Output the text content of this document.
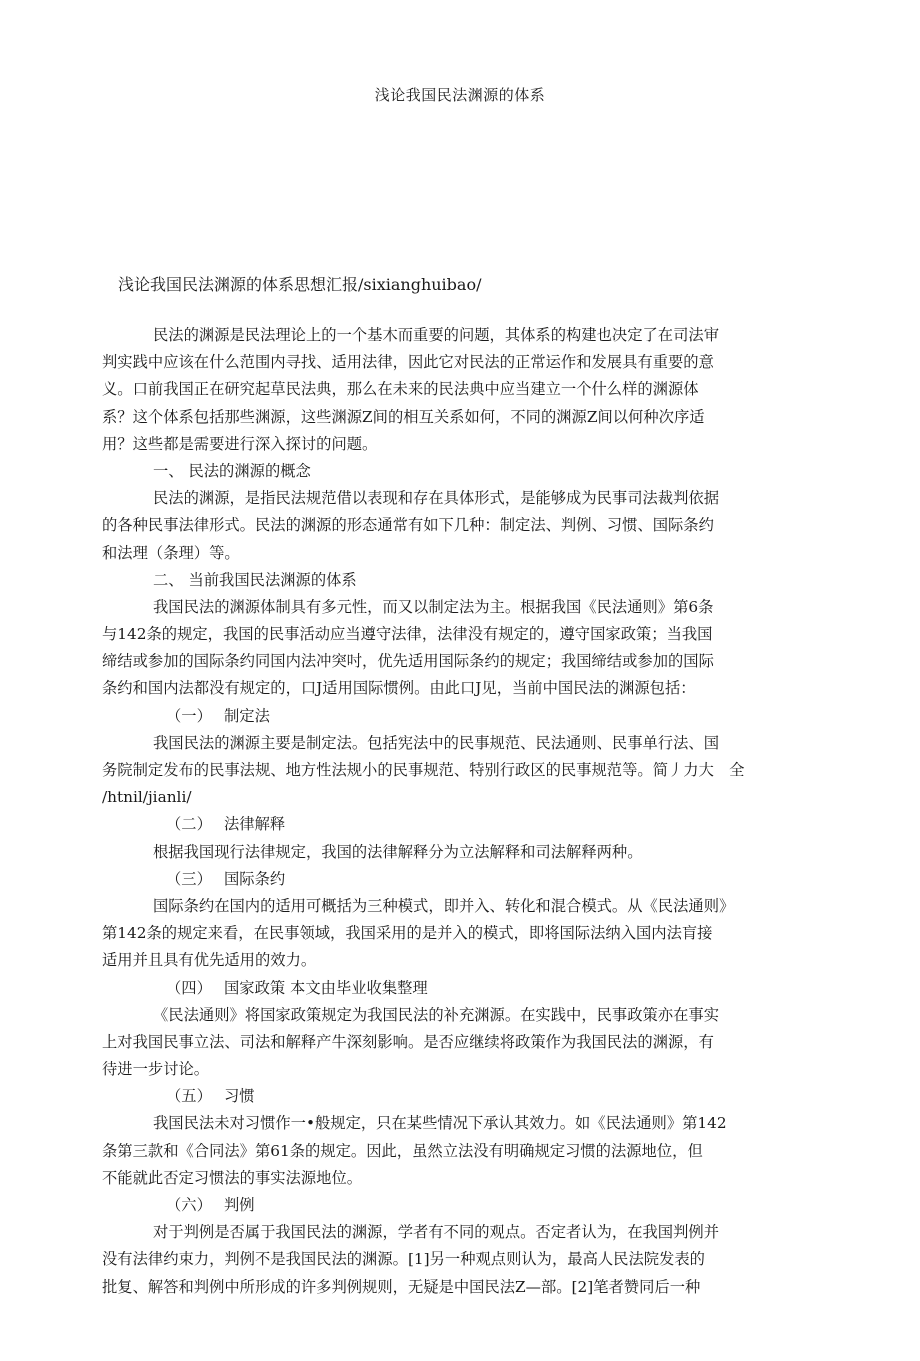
浅论我国民法渊源的体系
浅论我国民法渊源的体系思想汇报/sixianghuibao/
民法的渊源是民法理论上的一个基木而重要的问题，其体系的构建也决定了在司法审
判实践中应该在什么范围内寻找、适用法律，因此它对民法的正常运作和发展具有重要的意
义。口前我国正在研究起草民法典，那么在未来的民法典中应当建立一个什么样的渊源体
系？这个体系包括那些渊源，这些渊源Z间的相互关系如何，不同的渊源Z间以何种次序适
用？这些都是需要进行深入探讨的问题。
一、 民法的渊源的概念
民法的渊源，是指民法规范借以表现和存在具体形式，是能够成为民事司法裁判依据
的各种民事法律形式。民法的渊源的形态通常有如下几种：制定法、判例、习惯、国际条约
和法理（条理）等。
二、 当前我国民法渊源的体系
我国民法的渊源体制具有多元性，而又以制定法为主。根据我国《民法通则》第6条
与142条的规定，我国的民事活动应当遵守法律，法律没有规定的，遵守国家政策；当我国
缔结或参加的国际条约同国内法冲突吋，优先适用国际条约的规定；我国缔结或参加的国际
条约和国内法都没有规定的，口J适用国际惯例。由此口J见，当前中国民法的渊源包括：
（一） 制定法
我国民法的渊源主要是制定法。包括宪法中的民事规范、民法通则、民事单行法、国
务院制定发布的民事法规、地方性法规小的民事规范、特别行政区的民事规范等。简丿力大　全
/htnil/jianli/
（二） 法律解释
根据我国现行法律规定，我国的法律解释分为立法解释和司法解释两种。
（三） 国际条约
国际条约在国内的适用可概括为三种模式，即并入、转化和混合模式。从《民法通则》
第142条的规定来看，在民事领域，我国采用的是并入的模式，即将国际法纳入国内法肓接
适用并且具有优先适用的效力。
（四） 国家政策 本文由毕业收集整理
《民法通则》将国家政策规定为我国民法的补充渊源。在实践中，民事政策亦在事实
上对我国民事立法、司法和解释产牛深刻影响。是否应继续将政策作为我国民法的渊源，有
待进一步讨论。
（五） 习惯
我国民法未对习惯作一•般规定，只在某些情况下承认其效力。如《民法通则》第142
条第三款和《合同法》第61条的规定。因此，虽然立法没有明确规定习惯的法源地位，但
不能就此否定习惯法的事实法源地位。
（六） 判例
对于判例是否属于我国民法的渊源，学者有不同的观点。否定者认为，在我国判例并
没有法律约束力，判例不是我国民法的渊源。[1]另一种观点则认为，最高人民法院发表的
批复、解答和判例中所形成的许多判例规则，无疑是中国民法Z—部。[2]笔者赞同后一种
